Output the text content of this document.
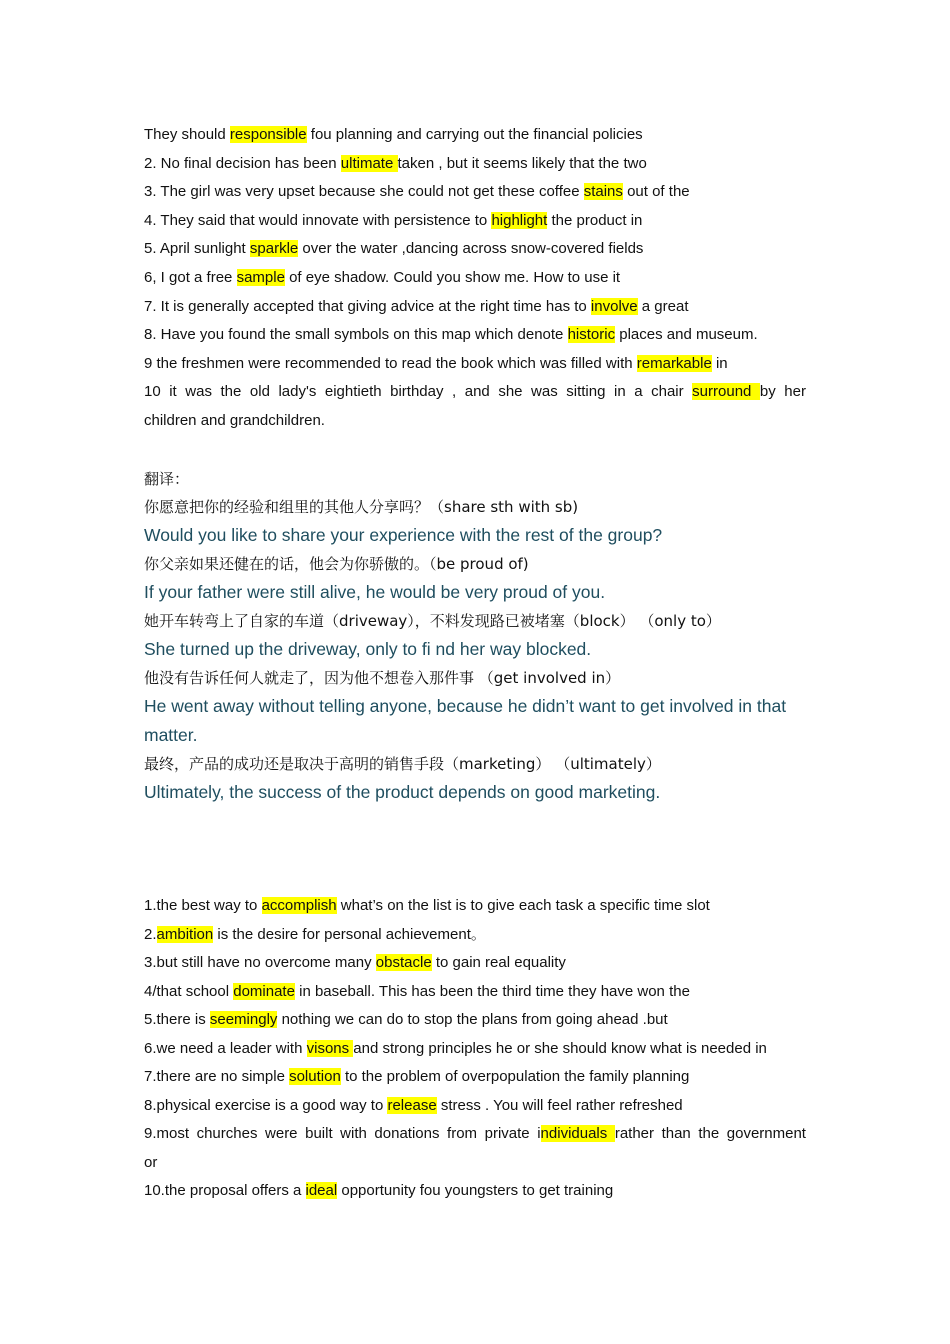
They should responsible fou planning and carrying out the financial policies
2. No final decision has been ultimate taken , but it seems likely that the two
3. The girl was very upset because she could not get these coffee stains out of the
4. They said that would innovate with persistence to highlight the product in
5. April sunlight sparkle over the water ,dancing across snow-covered fields
6, I got a free sample of eye shadow. Could you show me. How to use it
7. It is generally accepted that giving advice at the right time has to involve a great
8. Have you found the small symbols on this map which denote historic places and museum.
9 the freshmen were recommended to read the book which was filled with remarkable in
10 it was the old lady's eightieth birthday , and she was sitting in a chair surround by her
children and grandchildren.
翻译：
你愿意把你的经验和组里的其他人分享吗？（share sth with sb)
Would you like to share your experience with the rest of the group?
你父亲如果还健在的话，他会为你骄傲的。（be proud of)
If your father were still alive, he would be very proud of you.
她开车转弯上了自家的车道（driveway），不料发现路已被堵塞（block） （only to）
She turned up the driveway, only to fi nd her way blocked.
他没有告诉任何人就走了，因为他不想卷入那件事 （get involved in）
He went away without telling anyone, because he didn’t want to get involved in that
matter.
最终，产品的成功还是取决于高明的销售手段（marketing） （ultimately）
Ultimately, the success of the product depends on good marketing.
1.the best way to accomplish what’s on the list is to give each task a specific time slot
2.ambition is the desire for personal achievement。
3.but still have no overcome many obstacle to gain real equality
4/that school dominate in baseball. This has been the third time they have won the
5.there is seemingly nothing we can do to stop the plans from going ahead .but
6.we need a leader with visons and strong principles he or she should know what is needed in
7.there are no simple solution to the problem of overpopulation the family planning
8.physical exercise is a good way to release stress . You will feel rather refreshed
9.most churches were built with donations from private individuals rather than the government
or
10.the proposal offers a ideal opportunity fou youngsters to get training
